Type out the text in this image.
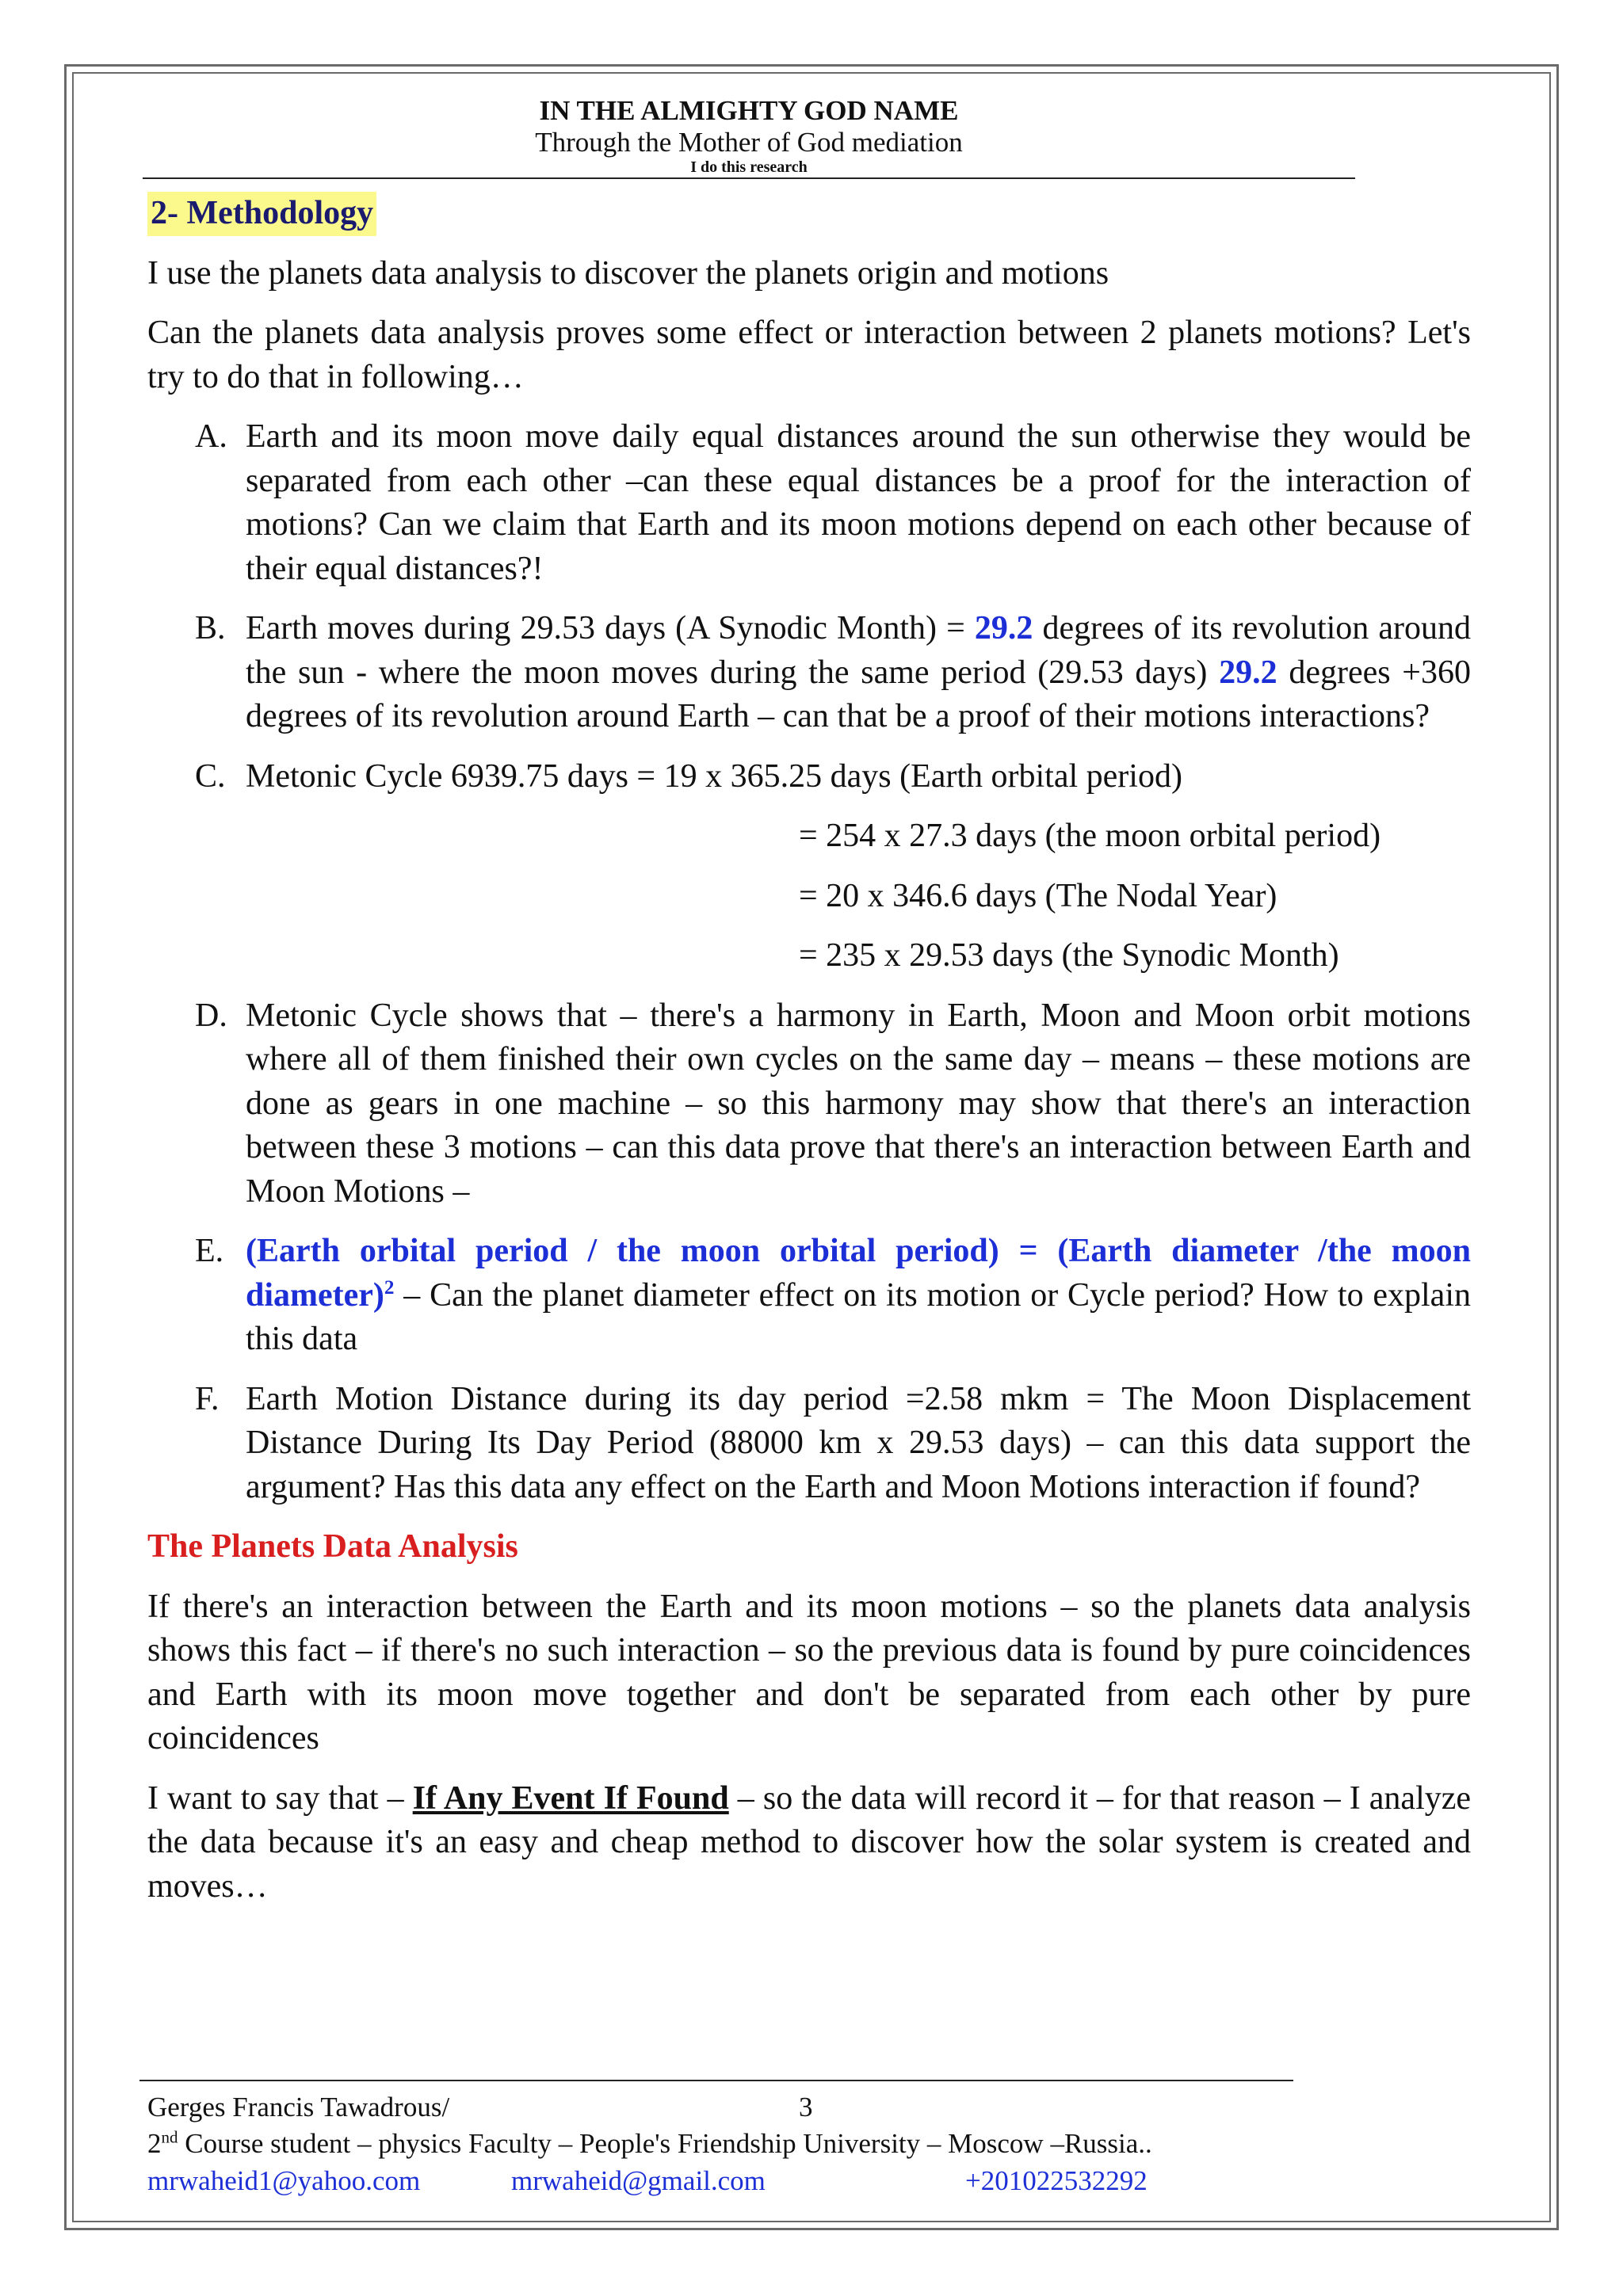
IN THE ALMIGHTY GOD NAME
Through the Mother of God mediation
I do this research
2- Methodology

I use the planets data analysis to discover the planets origin and motions

Can the planets data analysis proves some effect or interaction between 2 planets motions? Let's try to do that in following…

A. Earth and its moon move daily equal distances around the sun otherwise they would be separated from each other –can these equal distances be a proof for the interaction of motions? Can we claim that Earth and its moon motions depend on each other because of their equal distances?!
B. Earth moves during 29.53 days (A Synodic Month) = 29.2 degrees of its revolution around the sun - where the moon moves during the same period (29.53 days) 29.2 degrees +360 degrees of its revolution around Earth – can that be a proof of their motions interactions?
C. Metonic Cycle 6939.75 days = 19 x 365.25 days (Earth orbital period)
= 254 x 27.3 days (the moon orbital period)
= 20 x 346.6 days (The Nodal Year)
= 235 x 29.53 days (the Synodic Month)
D. Metonic Cycle shows that – there's a harmony in Earth, Moon and Moon orbit motions where all of them finished their own cycles on the same day – means – these motions are done as gears in one machine – so this harmony may show that there's an interaction between these 3 motions – can this data prove that there's an interaction between Earth and Moon Motions –
E. (Earth orbital period / the moon orbital period) = (Earth diameter /the moon diameter)$^2$ – Can the planet diameter effect on its motion or Cycle period? How to explain this data
F. Earth Motion Distance during its day period =2.58 mkm = The Moon Displacement Distance During Its Day Period (88000 km x 29.53 days) – can this data support the argument? Has this data any effect on the Earth and Moon Motions interaction if found?
The Planets Data Analysis

If there's an interaction between the Earth and its moon motions – so the planets data analysis shows this fact – if there's no such interaction – so the previous data is found by pure coincidences and Earth with its moon move together and don't be separated from each other by pure coincidences

I want to say that – If Any Event If Found – so the data will record it – for that reason – I analyze the data because it's an easy and cheap method to discover how the solar system is created and moves…

Gerges Francis Tawadrous/	3
2nd Course student – physics Faculty – People's Friendship University – Moscow –Russia..
mrwaheid1@yahoo.com	mrwaheid@gmail.com	+201022532292
